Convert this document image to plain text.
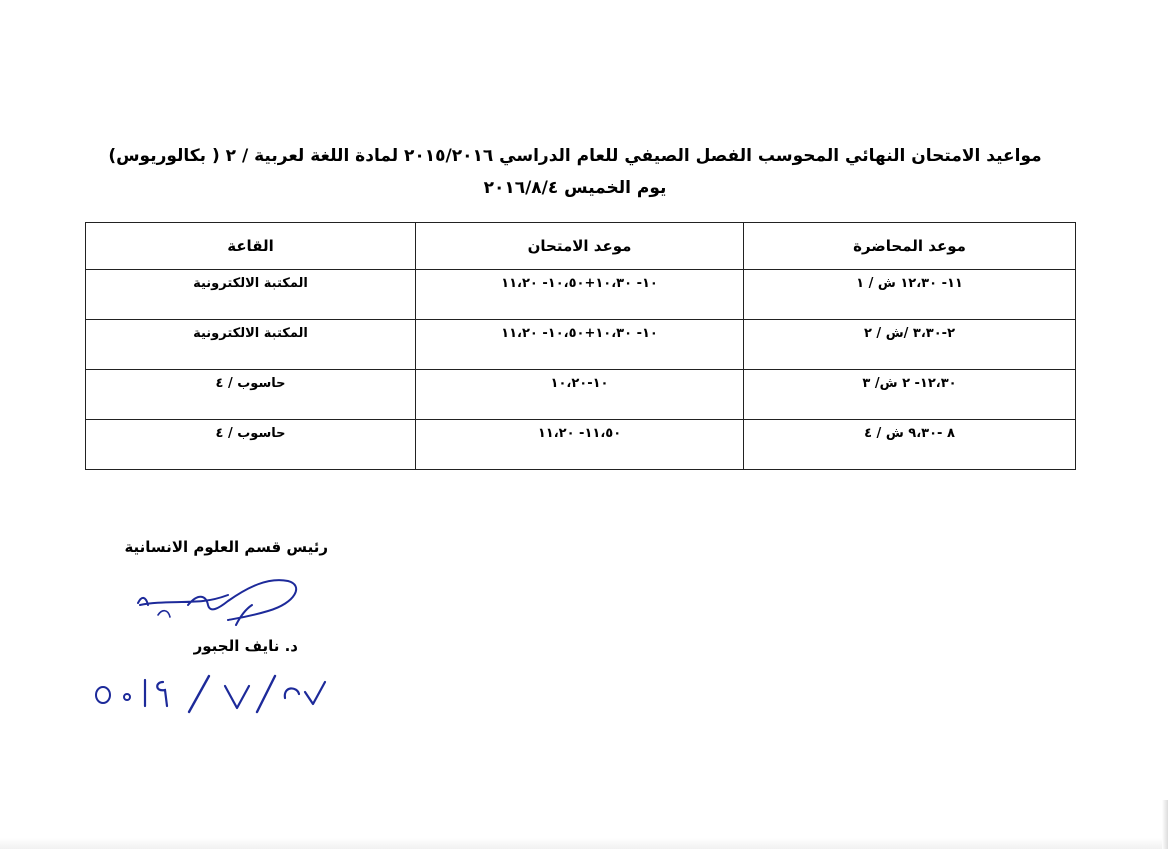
مواعيد الامتحان النهائي المحوسب الفصل الصيفي للعام الدراسي ٢٠١٥/٢٠١٦ لمادة اللغة لعربية / ٢ ( بكالوريوس)
يوم الخميس ٢٠١٦/٨/٤
موعد المحاضرة	موعد الامتحان	القاعة
١١- ١٢،٣٠ ش / ١	١٠- ١٠،٣٠+١٠،٥٠- ١١،٢٠	المكتبة الالكترونية
٢-٣،٣٠ /ش / ٢	١٠- ١٠،٣٠+١٠،٥٠- ١١،٢٠	المكتبة الالكترونية
١٢،٣٠- ٢ ش/ ٣	١٠-١٠،٢٠	حاسوب / ٤
٨ -٩،٣٠ ش / ٤	١١،٥٠- ١١،٢٠	حاسوب / ٤
رئيس قسم العلوم الانسانية
د. نايف الجبور
